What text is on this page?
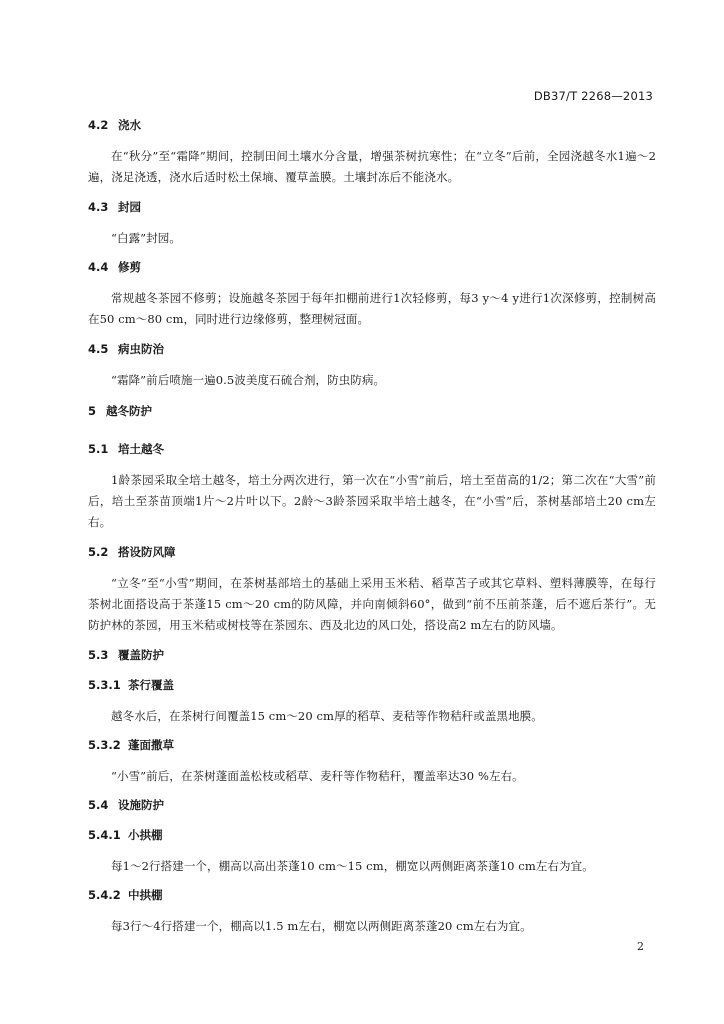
DB37/T 2268—2013
4.2 浇水

在“秋分”至“霜降”期间，控制田间土壤水分含量，增强茶树抗寒性；在“立冬”后前，全园浇越冬水1遍～2遍，浇足浇透，浇水后适时松土保墒、覆草盖膜。土壤封冻后不能浇水。

4.3 封园

“白露”封园。

4.4 修剪

常规越冬茶园不修剪；设施越冬茶园于每年扣棚前进行1次轻修剪，每3 y～4 y进行1次深修剪，控制树高在50 cm～80 cm，同时进行边缘修剪，整理树冠面。

4.5 病虫防治

“霜降”前后喷施一遍0.5波美度石硫合剂，防虫防病。

5 越冬防护
5.1 培土越冬

1龄茶园采取全培土越冬，培土分两次进行，第一次在“小雪”前后，培土至苗高的1/2；第二次在“大雪”前后，培土至茶苗顶端1片～2片叶以下。2龄～3龄茶园采取半培土越冬，在“小雪”后，茶树基部培土20 cm左右。

5.2 搭设防风障

“立冬”至“小雪”期间，在茶树基部培土的基础上采用玉米秸、稻草苫子或其它草料、塑料薄膜等，在每行茶树北面搭设高于茶蓬15 cm～20 cm的防风障，并向南倾斜60°，做到“前不压前茶蓬，后不遮后茶行”。无防护林的茶园，用玉米秸或树枝等在茶园东、西及北边的风口处，搭设高2 m左右的防风墙。

5.3 覆盖防护
5.3.1 茶行覆盖

越冬水后，在茶树行间覆盖15 cm～20 cm厚的稻草、麦秸等作物秸秆或盖黑地膜。

5.3.2 蓬面撒草

“小雪”前后，在茶树蓬面盖松枝或稻草、麦秆等作物秸秆，覆盖率达30 %左右。

5.4 设施防护
5.4.1 小拱棚

每1～2行搭建一个，棚高以高出茶蓬10 cm～15 cm，棚宽以两侧距离茶蓬10 cm左右为宜。

5.4.2 中拱棚

每3行～4行搭建一个，棚高以1.5 m左右，棚宽以两侧距离茶蓬20 cm左右为宜。

2
